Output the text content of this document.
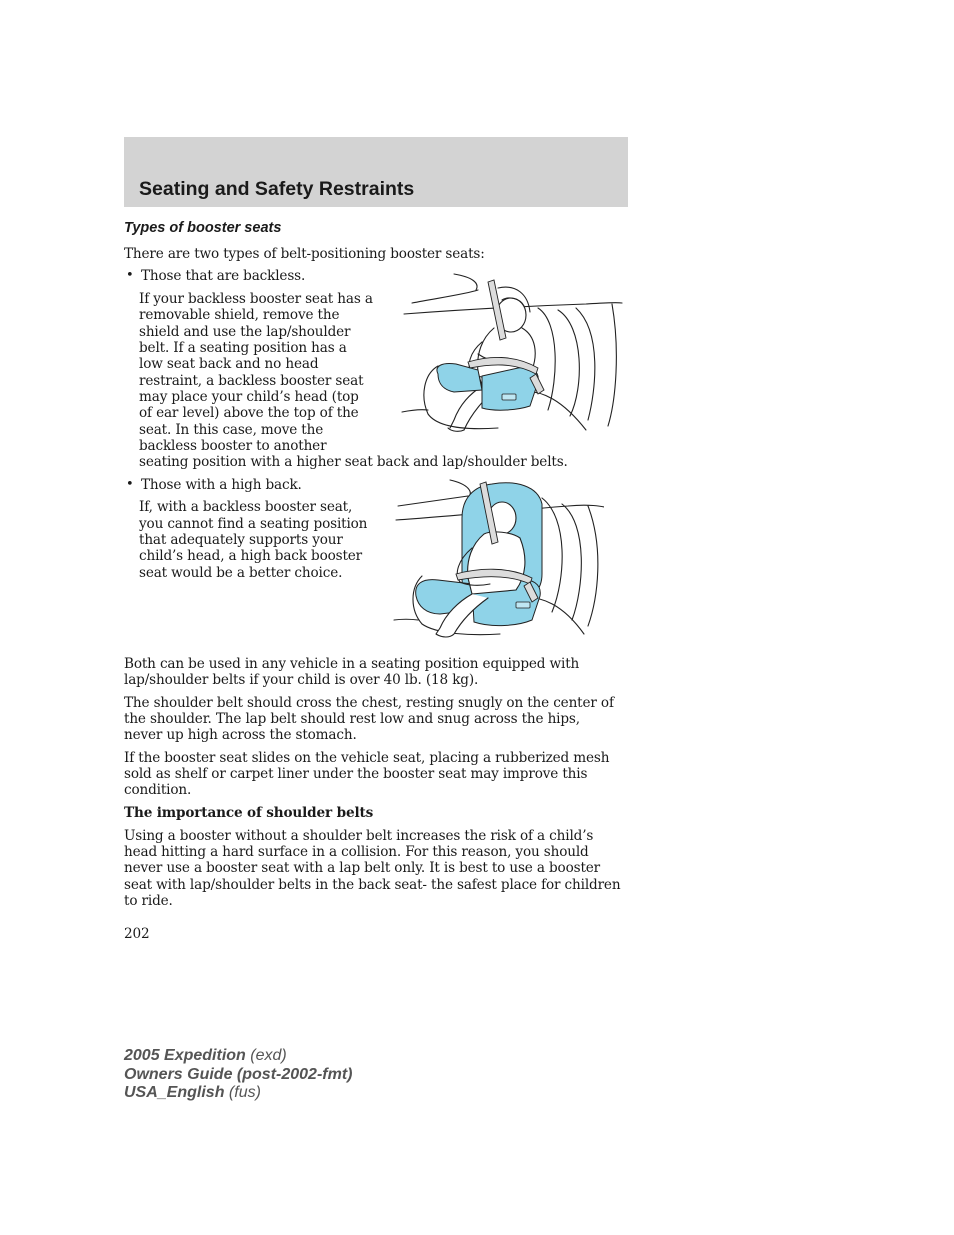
Seating and Safety Restraints
Types of booster seats

There are two types of belt-positioning booster seats:

• Those that are backless.

If your backless booster seat has a

removable shield, remove the

shield and use the lap/shoulder

belt. If a seating position has a

low seat back and no head

restraint, a backless booster seat

may place your child’s head (top

of ear level) above the top of the

seat. In this case, move the

backless booster to another

seating position with a higher seat back and lap/shoulder belts.

• Those with a high back.

If, with a backless booster seat,

you cannot find a seating position

that adequately supports your

child’s head, a high back booster

seat would be a better choice.

Both can be used in any vehicle in a seating position equipped with

lap/shoulder belts if your child is over 40 lb. (18 kg).

The shoulder belt should cross the chest, resting snugly on the center of

the shoulder. The lap belt should rest low and snug across the hips,

never up high across the stomach.

If the booster seat slides on the vehicle seat, placing a rubberized mesh

sold as shelf or carpet liner under the booster seat may improve this

condition.

The importance of shoulder belts

Using a booster without a shoulder belt increases the risk of a child’s

head hitting a hard surface in a collision. For this reason, you should

never use a booster seat with a lap belt only. It is best to use a booster

seat with lap/shoulder belts in the back seat- the safest place for children

to ride.

202

2005 Expedition (exd)
Owners Guide (post-2002-fmt)
USA_English (fus)
